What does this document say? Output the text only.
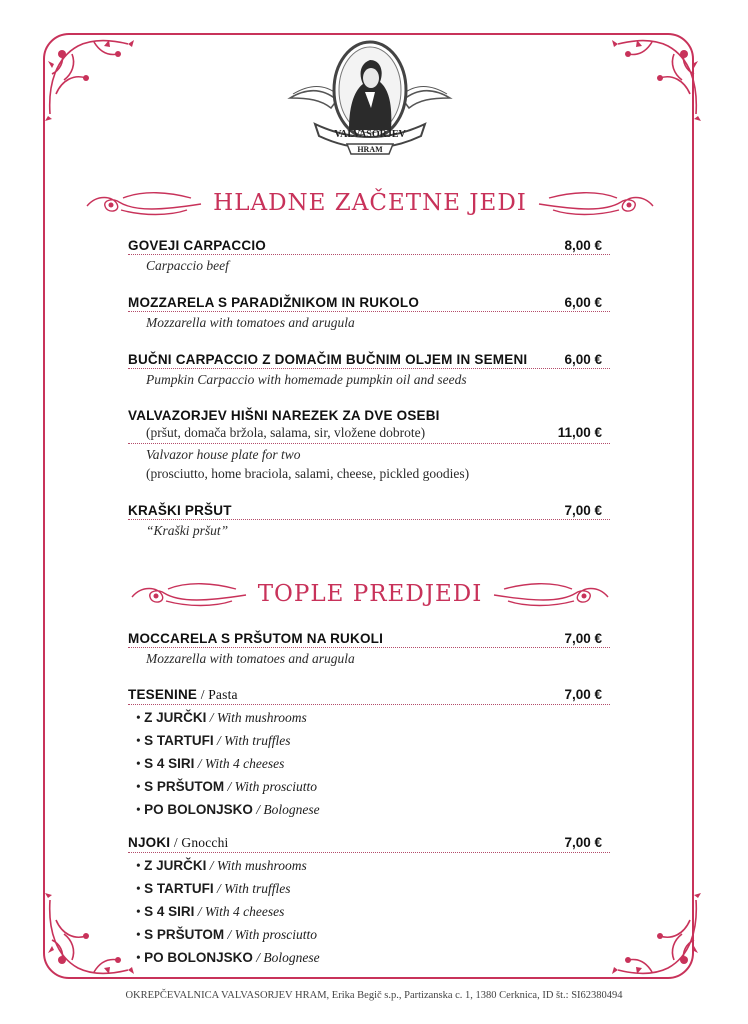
VALVASORJEV
HRAM
HLADNE ZAČETNE JEDI
GOVEJI CARPACCIO	8,00 €
Carpaccio beef
MOZZARELA S PARADIŽNIKOM IN RUKOLO	6,00 €
Mozzarella with tomatoes and arugula
BUČNI CARPACCIO Z DOMAČIM BUČNIM OLJEM IN SEMENI	6,00 €
Pumpkin Carpaccio with homemade pumpkin oil and seeds
VALVAZORJEV HIŠNI NAREZEK ZA DVE OSEBI
(pršut, domača bržola, salama, sir, vložene dobrote)	11,00 €
Valvazor house plate for two
(prosciutto, home braciola, salami, cheese, pickled goodies)
KRAŠKI PRŠUT	7,00 €
“Kraški pršut”
TOPLE PREDJEDI
MOCCARELA S PRŠUTOM NA RUKOLI	7,00 €
Mozzarella with tomatoes and arugula
TESENINE / Pasta	7,00 €
• Z JURČKI / With mushrooms
• S TARTUFI / With truffles
• S 4 SIRI / With 4 cheeses
• S PRŠUTOM / With prosciutto
• PO BOLONJSKO / Bolognese
NJOKI / Gnocchi	7,00 €
• Z JURČKI / With mushrooms
• S TARTUFI / With truffles
• S 4 SIRI / With 4 cheeses
• S PRŠUTOM / With prosciutto
• PO BOLONJSKO / Bolognese
OKREPČEVALNICA VALVASORJEV HRAM, Erika Begič s.p., Partizanska c. 1, 1380 Cerknica, ID št.: SI62380494
